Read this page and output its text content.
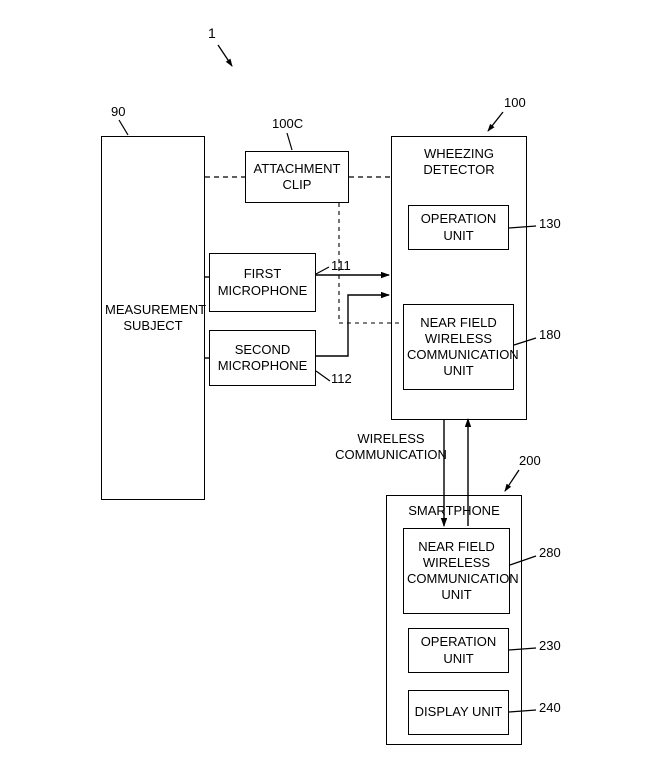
1
90
100C
100
111
112
130
180
200
280
230
240
MEASUREMENT SUBJECT
ATTACHMENT CLIP
FIRST MICROPHONE
SECOND MICROPHONE
WHEEZING
DETECTOR
OPERATION UNIT
NEAR FIELD WIRELESS COMMUNICATION UNIT
WIRELESS
COMMUNICATION
SMARTPHONE
NEAR FIELD WIRELESS COMMUNICATION UNIT
OPERATION UNIT
DISPLAY UNIT
